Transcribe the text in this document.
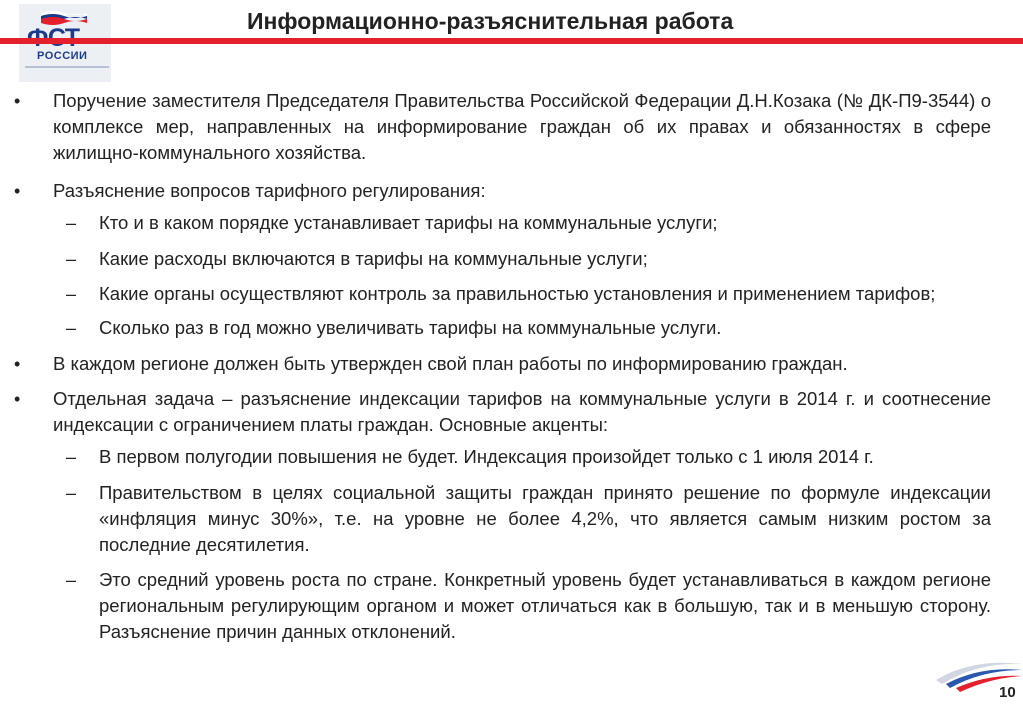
РОССИИ
Информационно-разъяснительная работа
• Поручение заместителя Председателя Правительства Российской Федерации Д.Н.Козака (№ ДК-П9-3544) о комплексе мер, направленных на информирование граждан об их правах и обязанностях в сфере жилищно-коммунального хозяйства.
• Разъяснение вопросов тарифного регулирования:
– Кто и в каком порядке устанавливает тарифы на коммунальные услуги;
– Какие расходы включаются в тарифы на коммунальные услуги;
– Какие органы осуществляют контроль за правильностью установления и применением тарифов;
– Сколько раз в год можно увеличивать тарифы на коммунальные услуги.
• В каждом регионе должен быть утвержден свой план работы по информированию граждан.
• Отдельная задача – разъяснение индексации тарифов на коммунальные услуги в 2014 г. и соотнесение индексации с ограничением платы граждан. Основные акценты:
– В первом полугодии повышения не будет. Индексация произойдет только с 1 июля 2014 г.
– Правительством в целях социальной защиты граждан принято решение по формуле индексации «инфляция минус 30%», т.е. на уровне не более 4,2%, что является самым низким ростом за последние десятилетия.
– Это средний уровень роста по стране. Конкретный уровень будет устанавливаться в каждом регионе региональным регулирующим органом и может отличаться как в большую, так и в меньшую сторону. Разъяснение причин данных отклонений.
10
